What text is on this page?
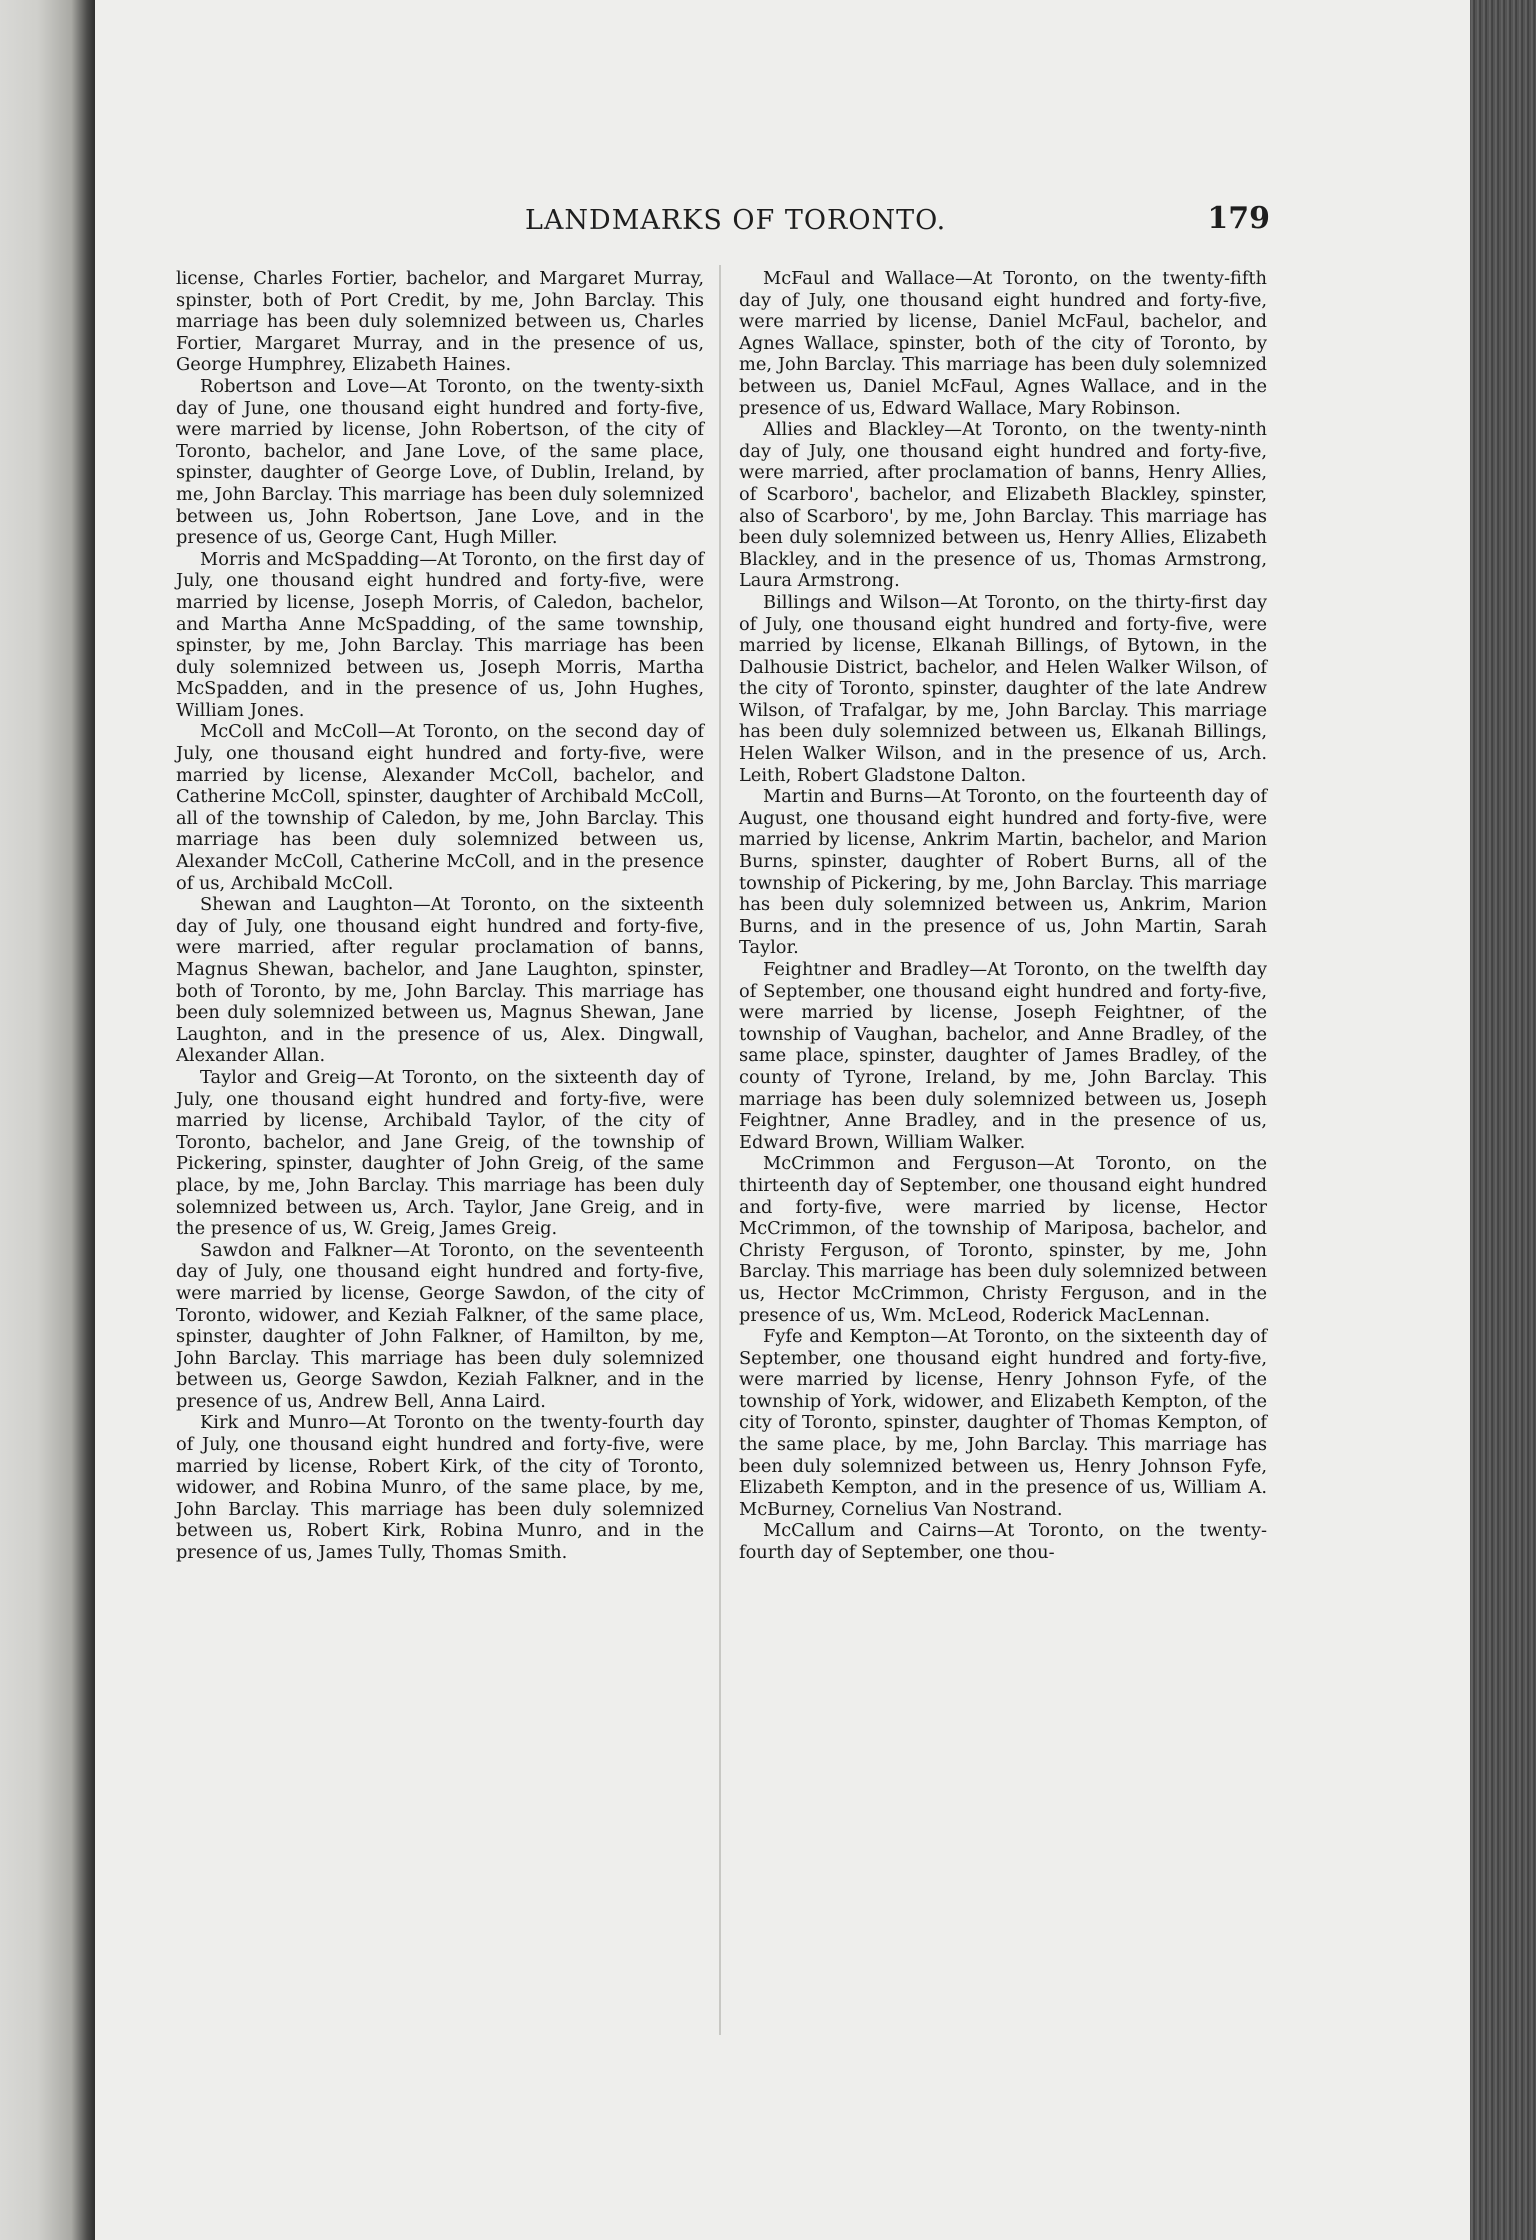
LANDMARKS OF TORONTO.	179

license, Charles Fortier, bachelor, and Margaret Murray, spinster, both of Port Credit, by me, John Barclay. This marriage has been duly solemnized between us, Charles Fortier, Margaret Murray, and in the presence of us, George Humphrey, Elizabeth Haines.

Robertson and Love—At Toronto, on the twenty-sixth day of June, one thousand eight hundred and forty-five, were married by license, John Robertson, of the city of Toronto, bachelor, and Jane Love, of the same place, spinster, daughter of George Love, of Dublin, Ireland, by me, John Barclay. This marriage has been duly solemnized between us, John Robertson, Jane Love, and in the presence of us, George Cant, Hugh Miller.

Morris and McSpadding—At Toronto, on the first day of July, one thousand eight hundred and forty-five, were married by license, Joseph Morris, of Caledon, bachelor, and Martha Anne McSpadding, of the same township, spinster, by me, John Barclay. This marriage has been duly solemnized between us, Joseph Morris, Martha McSpadden, and in the presence of us, John Hughes, William Jones.

McColl and McColl—At Toronto, on the second day of July, one thousand eight hundred and forty-five, were married by license, Alexander McColl, bachelor, and Catherine McColl, spinster, daughter of Archibald McColl, all of the township of Caledon, by me, John Barclay. This marriage has been duly solemnized between us, Alexander McColl, Catherine McColl, and in the presence of us, Archibald McColl.

Shewan and Laughton—At Toronto, on the sixteenth day of July, one thousand eight hundred and forty-five, were married, after regular proclamation of banns, Magnus Shewan, bachelor, and Jane Laughton, spinster, both of Toronto, by me, John Barclay. This marriage has been duly solemnized between us, Magnus Shewan, Jane Laughton, and in the presence of us, Alex. Dingwall, Alexander Allan.

Taylor and Greig—At Toronto, on the sixteenth day of July, one thousand eight hundred and forty-five, were married by license, Archibald Taylor, of the city of Toronto, bachelor, and Jane Greig, of the township of Pickering, spinster, daughter of John Greig, of the same place, by me, John Barclay. This marriage has been duly solemnized between us, Arch. Taylor, Jane Greig, and in the presence of us, W. Greig, James Greig.

Sawdon and Falkner—At Toronto, on the seventeenth day of July, one thousand eight hundred and forty-five, were married by license, George Sawdon, of the city of Toronto, widower, and Keziah Falkner, of the same place, spinster, daughter of John Falkner, of Hamilton, by me, John Barclay. This marriage has been duly solemnized between us, George Sawdon, Keziah Falkner, and in the presence of us, Andrew Bell, Anna Laird.

Kirk and Munro—At Toronto on the twenty-fourth day of July, one thousand eight hundred and forty-five, were married by license, Robert Kirk, of the city of Toronto, widower, and Robina Munro, of the same place, by me, John Barclay. This marriage has been duly solemnized between us, Robert Kirk, Robina Munro, and in the presence of us, James Tully, Thomas Smith.

McFaul and Wallace—At Toronto, on the twenty-fifth day of July, one thousand eight hundred and forty-five, were married by license, Daniel McFaul, bachelor, and Agnes Wallace, spinster, both of the city of Toronto, by me, John Barclay. This marriage has been duly solemnized between us, Daniel McFaul, Agnes Wallace, and in the presence of us, Edward Wallace, Mary Robinson.

Allies and Blackley—At Toronto, on the twenty-ninth day of July, one thousand eight hundred and forty-five, were married, after proclamation of banns, Henry Allies, of Scarboro', bachelor, and Elizabeth Blackley, spinster, also of Scarboro', by me, John Barclay. This marriage has been duly solemnized between us, Henry Allies, Elizabeth Blackley, and in the presence of us, Thomas Armstrong, Laura Armstrong.

Billings and Wilson—At Toronto, on the thirty-first day of July, one thousand eight hundred and forty-five, were married by license, Elkanah Billings, of Bytown, in the Dalhousie District, bachelor, and Helen Walker Wilson, of the city of Toronto, spinster, daughter of the late Andrew Wilson, of Trafalgar, by me, John Barclay. This marriage has been duly solemnized between us, Elkanah Billings, Helen Walker Wilson, and in the presence of us, Arch. Leith, Robert Gladstone Dalton.

Martin and Burns—At Toronto, on the fourteenth day of August, one thousand eight hundred and forty-five, were married by license, Ankrim Martin, bachelor, and Marion Burns, spinster, daughter of Robert Burns, all of the township of Pickering, by me, John Barclay. This marriage has been duly solemnized between us, Ankrim, Marion Burns, and in the presence of us, John Martin, Sarah Taylor.

Feightner and Bradley—At Toronto, on the twelfth day of September, one thousand eight hundred and forty-five, were married by license, Joseph Feightner, of the township of Vaughan, bachelor, and Anne Bradley, of the same place, spinster, daughter of James Bradley, of the county of Tyrone, Ireland, by me, John Barclay. This marriage has been duly solemnized between us, Joseph Feightner, Anne Bradley, and in the presence of us, Edward Brown, William Walker.

McCrimmon and Ferguson—At Toronto, on the thirteenth day of September, one thousand eight hundred and forty-five, were married by license, Hector McCrimmon, of the township of Mariposa, bachelor, and Christy Ferguson, of Toronto, spinster, by me, John Barclay. This marriage has been duly solemnized between us, Hector McCrimmon, Christy Ferguson, and in the presence of us, Wm. McLeod, Roderick MacLennan.

Fyfe and Kempton—At Toronto, on the sixteenth day of September, one thousand eight hundred and forty-five, were married by license, Henry Johnson Fyfe, of the township of York, widower, and Elizabeth Kempton, of the city of Toronto, spinster, daughter of Thomas Kempton, of the same place, by me, John Barclay. This marriage has been duly solemnized between us, Henry Johnson Fyfe, Elizabeth Kempton, and in the presence of us, William A. McBurney, Cornelius Van Nostrand.

McCallum and Cairns—At Toronto, on the twenty-fourth day of September, one thou-
